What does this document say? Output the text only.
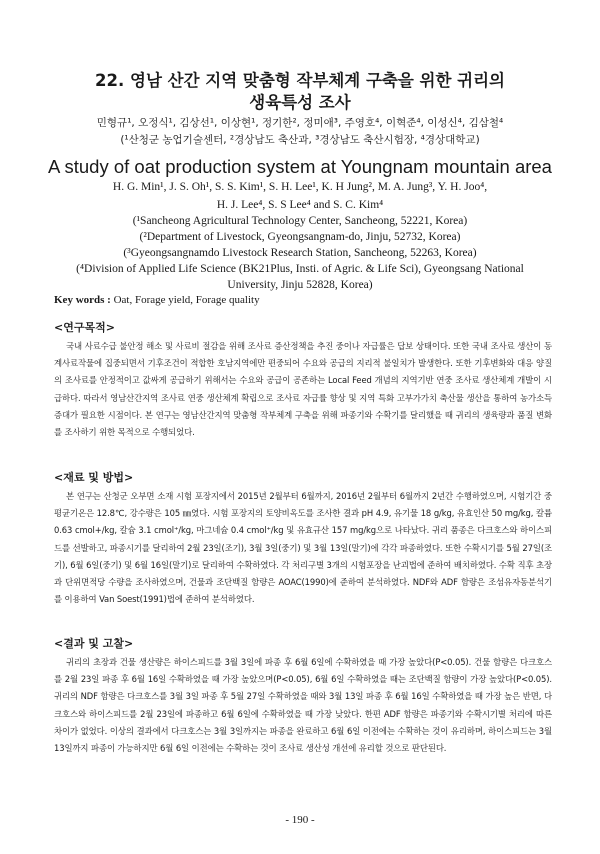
22. 영남 산간 지역 맞춤형 작부체계 구축을 위한 귀리의
생육특성 조사
민형규¹, 오정식¹, 김상선¹, 이상현¹, 정기한², 정미애³, 주영호⁴, 이혁준⁴, 이성신⁴, 김삼철⁴
(¹산청군 농업기술센터, ²경상남도 축산과, ³경상남도 축산시험장, ⁴경상대학교)
A study of oat production system at Youngnam mountain area
H. G. Min¹, J. S. Oh¹, S. S. Kim¹, S. H. Lee¹, K. H Jung², M. A. Jung³, Y. H. Joo⁴,
H. J. Lee⁴, S. S Lee⁴ and S. C. Kim⁴
(¹Sancheong Agricultural Technology Center, Sancheong, 52221, Korea)
(²Department of Livestock, Gyeongsangnam-do, Jinju, 52732, Korea)
(³Gyeongsangnamdo Livestock Research Station, Sancheong, 52263, Korea)
(⁴Division of Applied Life Science (BK21Plus, Insti. of Agric. & Life Sci), Gyeongsang National
University, Jinju 52828, Korea)
Key words : Oat, Forage yield, Forage quality
<연구목적>
국내 사료수급 불안정 해소 및 사료비 절감을 위해 조사료 증산정책을 추진 중이나 자급률은 답보 상태이다. 또한 국내 조사료 생산이 동계사료작물에 집중되면서 기후조건이 적합한 호남지역에만 편중되어 수요와 공급의 지리적 불일치가 발생한다. 또한 기후변화와 대응 양질의 조사료를 안정적이고 값싸게 공급하기 위해서는 수요와 공급이 공존하는 Local Feed 개념의 지역기반 연중 조사료 생산체계 개발이 시급하다. 따라서 영남산간지역 조사료 연중 생산체계 확립으로 조사료 자급률 향상 및 지역 특화 고부가가치 축산물 생산을 통하여 농가소득 증대가 필요한 시점이다. 본 연구는 영남산간지역 맞춤형 작부체계 구축을 위해 파종기와 수확기를 달리했을 때 귀리의 생육량과 품질 변화를 조사하기 위한 목적으로 수행되었다.
<재료 및 방법>
본 연구는 산청군 오부면 소재 시험 포장지에서 2015년 2월부터 6월까지, 2016년 2월부터 6월까지 2년간 수행하였으며, 시험기간 중 평균기온은 12.8℃, 강수량은 105 ㎜였다. 시험 포장지의 토양비옥도를 조사한 결과 pH 4.9, 유기물 18 g/kg, 유효인산 50 mg/kg, 칼륨 0.63 cmol+/kg, 칼슘 3.1 cmol⁺/kg, 마그네슘 0.4 cmol⁺/kg 및 유효규산 157 mg/kg으로 나타났다. 귀리 품종은 다크호스와 하이스피드를 선발하고, 파종시기를 달리하여 2월 23일(조기), 3월 3일(중기) 및 3월 13일(말기)에 각각 파종하였다. 또한 수확시기를 5월 27일(조기), 6월 6일(중기) 및 6월 16일(말기)로 달리하여 수확하였다. 각 처리구별 3개의 시험포장을 난괴법에 준하여 배치하였다. 수확 직후 초장과 단위면적당 수량을 조사하였으며, 건물과 조단백질 함량은 AOAC(1990)에 준하여 분석하였다. NDF와 ADF 함량은 조섬유자동분석기를 이용하여 Van Soest(1991)법에 준하여 분석하였다.
<결과 및 고찰>
귀리의 초장과 건물 생산량은 하이스피드를 3월 3일에 파종 후 6월 6일에 수확하였을 때 가장 높았다(P<0.05). 건물 함량은 다크호스를 2월 23일 파종 후 6월 16일 수확하였을 때 가장 높았으며(P<0.05), 6월 6일 수확하였을 때는 조단백질 함량이 가장 높았다(P<0.05). 귀리의 NDF 함량은 다크호스를 3월 3일 파종 후 5월 27일 수확하였을 때와 3월 13일 파종 후 6월 16일 수확하였을 때 가장 높은 반면, 다크호스와 하이스피드를 2월 23일에 파종하고 6월 6일에 수확하였을 때 가장 낮았다. 한편 ADF 함량은 파종기와 수확시기별 처리에 따른 차이가 없었다. 이상의 결과에서 다크호스는 3월 3일까지는 파종을 완료하고 6월 6일 이전에는 수확하는 것이 유리하며, 하이스피드는 3월 13일까지 파종이 가능하지만 6월 6일 이전에는 수확하는 것이 조사료 생산성 개선에 유리할 것으로 판단된다.
- 190 -
